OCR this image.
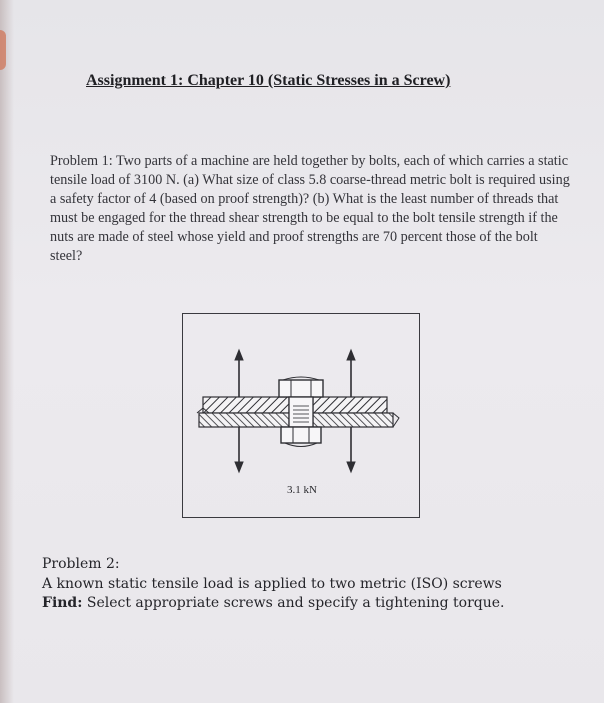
Assignment 1: Chapter 10 (Static Stresses in a Screw)
Problem 1: Two parts of a machine are held together by bolts, each of which carries a static tensile load of 3100 N. (a) What size of class 5.8 coarse-thread metric bolt is required using a safety factor of 4 (based on proof strength)? (b) What is the least number of threads that must be engaged for the thread shear strength to be equal to the bolt tensile strength if the nuts are made of steel whose yield and proof strengths are 70 percent those of the bolt steel?
3.1 kN
Problem 2:
A known static tensile load is applied to two metric (ISO) screws
Find: Select appropriate screws and specify a tightening torque.
